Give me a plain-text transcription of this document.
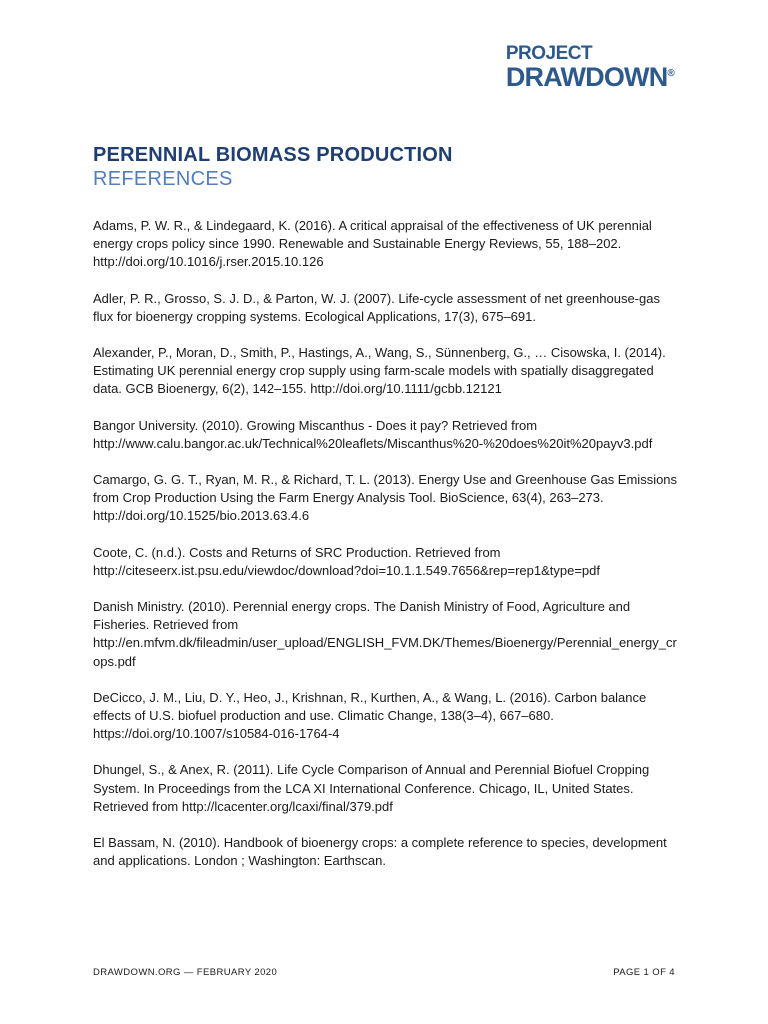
PROJECT
DRAWDOWN®
PERENNIAL BIOMASS PRODUCTION
REFERENCES
Adams, P. W. R., & Lindegaard, K. (2016). A critical appraisal of the effectiveness of UK perennial energy crops policy since 1990. Renewable and Sustainable Energy Reviews, 55, 188–202. http://doi.org/10.1016/j.rser.2015.10.126
Adler, P. R., Grosso, S. J. D., & Parton, W. J. (2007). Life-cycle assessment of net greenhouse-gas flux for bioenergy cropping systems. Ecological Applications, 17(3), 675–691.
Alexander, P., Moran, D., Smith, P., Hastings, A., Wang, S., Sünnenberg, G., … Cisowska, I. (2014). Estimating UK perennial energy crop supply using farm-scale models with spatially disaggregated data. GCB Bioenergy, 6(2), 142–155. http://doi.org/10.1111/gcbb.12121
Bangor University. (2010). Growing Miscanthus - Does it pay? Retrieved from http://www.calu.bangor.ac.uk/Technical%20leaflets/Miscanthus%20-%20does%20it%20payv3.pdf
Camargo, G. G. T., Ryan, M. R., & Richard, T. L. (2013). Energy Use and Greenhouse Gas Emissions from Crop Production Using the Farm Energy Analysis Tool. BioScience, 63(4), 263–273. http://doi.org/10.1525/bio.2013.63.4.6
Coote, C. (n.d.). Costs and Returns of SRC Production. Retrieved from http://citeseerx.ist.psu.edu/viewdoc/download?doi=10.1.1.549.7656&rep=rep1&type=pdf
Danish Ministry. (2010). Perennial energy crops. The Danish Ministry of Food, Agriculture and Fisheries. Retrieved from http://en.mfvm.dk/fileadmin/user_upload/ENGLISH_FVM.DK/Themes/Bioenergy/Perennial_energy_crops.pdf
DeCicco, J. M., Liu, D. Y., Heo, J., Krishnan, R., Kurthen, A., & Wang, L. (2016). Carbon balance effects of U.S. biofuel production and use. Climatic Change, 138(3–4), 667–680. https://doi.org/10.1007/s10584-016-1764-4
Dhungel, S., & Anex, R. (2011). Life Cycle Comparison of Annual and Perennial Biofuel Cropping System. In Proceedings from the LCA XI International Conference. Chicago, IL, United States. Retrieved from http://lcacenter.org/lcaxi/final/379.pdf
El Bassam, N. (2010). Handbook of bioenergy crops: a complete reference to species, development and applications. London ; Washington: Earthscan.
DRAWDOWN.ORG — FEBRUARY 2020	PAGE 1 OF 4
